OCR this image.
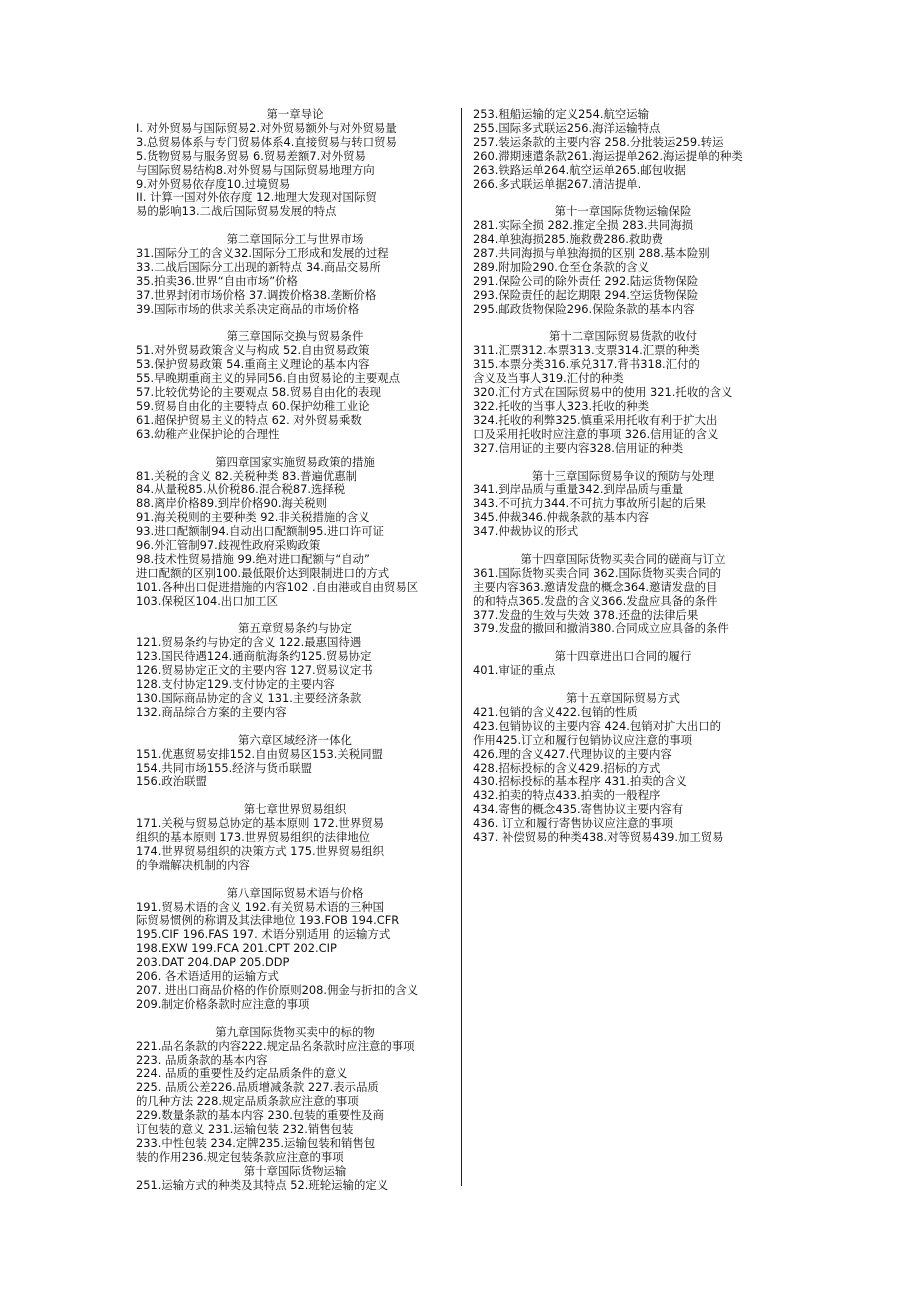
第一章导论
I. 对外贸易与国际贸易2.对外贸易额外与对外贸易量
3.总贸易体系与专门贸易体系4.直接贸易与转口贸易
5.货物贸易与服务贸易 6.贸易差额7.对外贸易
与国际贸易结构8.对外贸易与国际贸易地理方向
9.对外贸易依存度10.过境贸易
II. 计算一国对外依存度 12.地理大发现对国际贸
易的影响13.二战后国际贸易发展的特点
第二章国际分工与世界市场
31.国际分工的含义32.国际分工形成和发展的过程
33.二战后国际分工出现的新特点 34.商品交易所
35.拍卖36.世界“自由市场”价格
37.世界封闭市场价格 37.调拨价格38.垄断价格
39.国际市场的供求关系决定商品的市场价格
第三章国际交换与贸易条件
51.对外贸易政策含义与构成 52.自由贸易政策
53.保护贸易政策 54.重商主义理论的基本内容
55.早晚期重商主义的异同56.自由贸易论的主要观点
57.比较优势论的主要观点 58.贸易自由化的表现
59.贸易自由化的主要特点 60.保护幼稚工业论
61.超保护贸易主义的特点 62. 对外贸易乘数
63.幼稚产业保护论的合理性
第四章国家实施贸易政策的措施
81.关税的含义 82.关税种类 83.普遍优惠制
84.从量税85.从价税86.混合税87.选择税
88.离岸价格89.到岸价格90.海关税则
91.海关税则的主要种类 92.非关税措施的含义
93.进口配额制94.自动出口配额制95.进口许可证
96.外汇管制97.歧视性政府采购政策
98.技术性贸易措施 99.绝对进口配额与“自动”
进口配额的区别100.最低限价达到限制进口的方式
101.各种出口促进措施的内容102 .自由港或自由贸易区
103.保税区104.出口加工区
第五章贸易条约与协定
121.贸易条约与协定的含义 122.最惠国待遇
123.国民待遇124.通商航海条约125.贸易协定
126.贸易协定正文的主要内容 127.贸易议定书
128.支付协定129.支付协定的主要内容
130.国际商品协定的含义 131.主要经济条款
132.商品综合方案的主要内容
第六章区域经济一体化
151.优惠贸易安排152.自由贸易区153.关税同盟
154.共同市场155.经济与货币联盟
156.政治联盟
第七章世界贸易组织
171.关税与贸易总协定的基本原则 172.世界贸易
组织的基本原则 173.世界贸易组织的法律地位
174.世界贸易组织的决策方式 175.世界贸易组织
的争端解决机制的内容
第八章国际贸易术语与价格
191.贸易术语的含义 192.有关贸易术语的三种国
际贸易惯例的称谓及其法律地位 193.FOB 194.CFR
195.CIF 196.FAS 197. 术语分别适用 的运输方式
198.EXW 199.FCA 201.CPT 202.CIP
203.DAT 204.DAP 205.DDP
206. 各术语适用的运输方式
207. 进出口商品价格的作价原则208.佣金与折扣的含义
209.制定价格条款时应注意的事项
第九章国际货物买卖中的标的物
221.品名条款的内容222.规定品名条款时应注意的事项
223. 品质条款的基本内容
224. 品质的重要性及约定品质条件的意义
225. 品质公差226.品质增减条款 227.表示品质
的几种方法 228.规定品质条款应注意的事项
229.数量条款的基本内容 230.包装的重要性及商
订包装的意义 231.运输包装 232.销售包装
233.中性包装 234.定牌235.运输包装和销售包
装的作用236.规定包装条款应注意的事项
第十章国际货物运输
251.运输方式的种类及其特点 52.班轮运输的定义
253.租船运输的定义254.航空运输
255.国际多式联运256.海洋运输特点
257.装运条款的主要内容 258.分批装运259.转运
260.滞期速遣条款261.海运提单262.海运提单的种类
263.铁路运单264.航空运单265.邮包收据
266.多式联运单据267.清洁提单.
第十一章国际货物运输保险
281.实际全损 282.推定全损 283.共同海损
284.单独海损285.施救费286.救助费
287.共同海损与单独海损的区别 288.基本险别
289.附加险290.仓至仓条款的含义
291.保险公司的除外责任 292.陆运货物保险
293.保险责任的起讫期限 294.空运货物保险
295.邮政货物保险296.保险条款的基本内容
第十二章国际贸易货款的收付
311.汇票312.本票313.支票314.汇票的种类
315.本票分类316.承兑317.背书318.汇付的
含义及当事人319.汇付的种类
320.汇付方式在国际贸易中的使用 321.托收的含义
322.托收的当事人323.托收的种类
324.托收的利弊325.慎重采用托收有利于扩大出
口及采用托收时应注意的事项 326.信用证的含义
327.信用证的主要内容328.信用证的种类
第十三章国际贸易争议的预防与处理
341.到岸品质与重量342.到岸品质与重量
343.不可抗力344.不可抗力事故所引起的后果
345.仲裁346.仲裁条款的基本内容
347.仲裁协议的形式
第十四章国际货物买卖合同的磋商与订立
361.国际货物买卖合同 362.国际货物买卖合同的
主要内容363.邀请发盘的概念364.邀请发盘的目
的和特点365.发盘的含义366.发盘应具备的条件
377.发盘的生效与失效 378.还盘的法律后果
379.发盘的撤回和撤消380.合同成立应具备的条件
第十四章进出口合同的履行
401.审证的重点
第十五章国际贸易方式
421.包销的含义422.包销的性质
423.包销协议的主要内容 424.包销对扩大出口的
作用425.订立和履行包销协议应注意的事项
426.理的含义427.代理协议的主要内容
428.招标投标的含义429.招标的方式
430.招标投标的基本程序 431.拍卖的含义
432.拍卖的特点433.拍卖的一般程序
434.寄售的概念435.寄售协议主要内容有
436. 订立和履行寄售协议应注意的事项
437. 补偿贸易的种类438.对等贸易439.加工贸易
